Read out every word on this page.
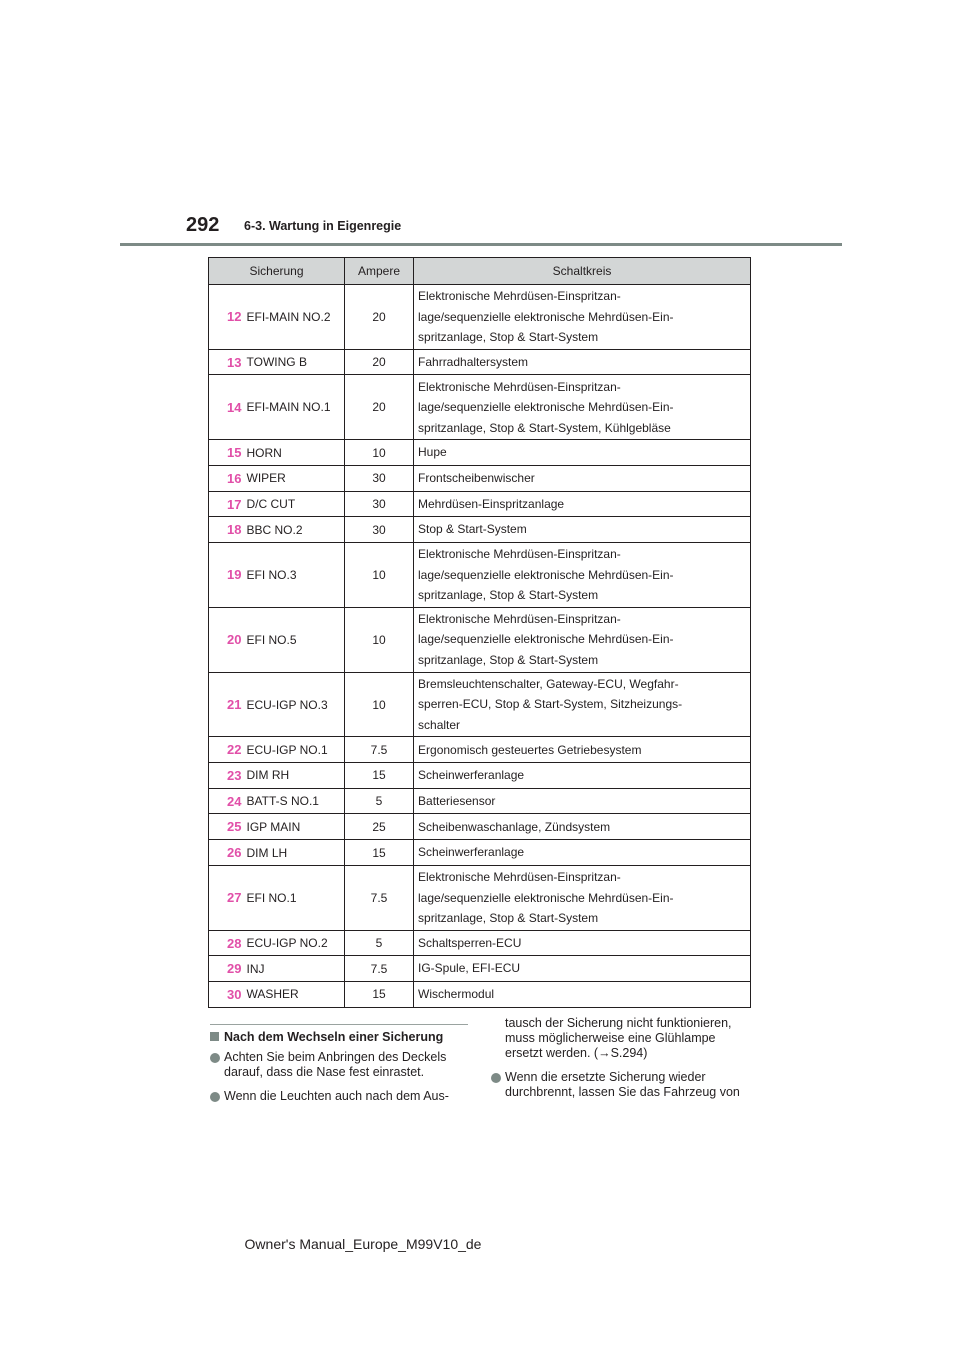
292 6-3. Wartung in Eigenregie
Sicherung		Ampere	Schaltkreis
12	EFI-MAIN NO.2	20	Elektronische Mehrdüsen-Einspritzan-
lage/sequenzielle elektronische Mehrdüsen-Ein-
spritzanlage, Stop & Start-System

13	TOWING B	20	Fahrradhaltersystem

14	EFI-MAIN NO.1	20	Elektronische Mehrdüsen-Einspritzan-
lage/sequenzielle elektronische Mehrdüsen-Ein-
spritzanlage, Stop & Start-System, Kühlgebläse

15	HORN	10	Hupe

16	WIPER	30	Frontscheibenwischer

17	D/C CUT	30	Mehrdüsen-Einspritzanlage

18	BBC NO.2	30	Stop & Start-System

19	EFI NO.3	10	Elektronische Mehrdüsen-Einspritzan-
lage/sequenzielle elektronische Mehrdüsen-Ein-
spritzanlage, Stop & Start-System

20	EFI NO.5	10	Elektronische Mehrdüsen-Einspritzan-
lage/sequenzielle elektronische Mehrdüsen-Ein-
spritzanlage, Stop & Start-System

21	ECU-IGP NO.3	10	Bremsleuchtenschalter, Gateway-ECU, Wegfahr-
sperren-ECU, Stop & Start-System, Sitzheizungs-
schalter

22	ECU-IGP NO.1	7.5	Ergonomisch gesteuertes Getriebesystem

23	DIM RH	15	Scheinwerferanlage

24	BATT-S NO.1	5	Batteriesensor

25	IGP MAIN	25	Scheibenwaschanlage, Zündsystem

26	DIM LH	15	Scheinwerferanlage

27	EFI NO.1	7.5	Elektronische Mehrdüsen-Einspritzan-
lage/sequenzielle elektronische Mehrdüsen-Ein-
spritzanlage, Stop & Start-System

28	ECU-IGP NO.2	5	Schaltsperren-ECU

29	INJ	7.5	IG-Spule, EFI-ECU

30	WASHER	15	Wischermodul
Nach dem Wechseln einer Sicherung
Achten Sie beim Anbringen des Deckels
darauf, dass die Nase fest einrastet.
Wenn die Leuchten auch nach dem Aus-
tausch der Sicherung nicht funktionieren,
muss möglicherweise eine Glühlampe
ersetzt werden. (→S.294)
Wenn die ersetzte Sicherung wieder
durchbrennt, lassen Sie das Fahrzeug von
Owner's Manual_Europe_M99V10_de
